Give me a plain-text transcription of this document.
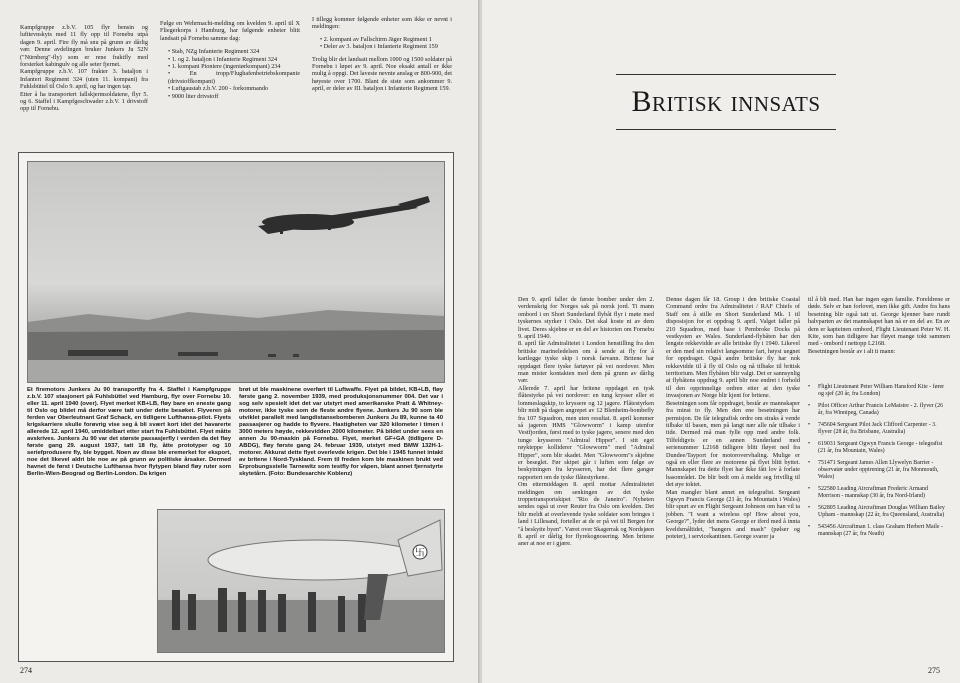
Kampfgruppe z.b.V. 105 flyr bensin og lufttevnskyts med 11 fly opp til Fornebu utpå dagen 9. april. Fire fly må snu på grunn av dårlig vær. Denne avdelingen bruker Junkers Ju 52N ("Nürnberg"-fly) som er rene fraktfly med forsterket kabingulv og alle seter fjernet.
Kampfgruppe z.b.V. 107 frakter 3. bataljon i Infanteri Regiment 324 (uten 11. kompani) fra Fuhlsbüttel til Oslo 9. april, og har ingen tap.
Etter å ha transportert fallskjermsoldatene, flyr 5. og 6. Staffel i Kampfgeschwader z.b.V. 1 drivstoff opp til Fornebu.

Følge en Wehrmacht-melding om kvelden 9. april til X Fliegerkorps i Hamburg, har følgende enheter blitt landsatt på Fornebu samme dag:

• Stab, NZg Infanterie Regiment 324
• 1. og 2. bataljon i Infanterie Regiment 324
• 1. kompani Pioniere (ingeniørkompani) 234
• En tropp/Flughafenbetriebskompanie (drivstoffkompani)
• Luftgaustab z.b.V. 200 - forkommando
• 9000 liter drivstoff

I tillegg kommer følgende enheter som ikke er nevnt i meldingen:

• 2. kompani av Fallschirm Jäger Regiment 1
• Deler av 3. bataljon i Infanterie Regiment 159

Trolig blir det landsatt mellom 1000 og 1500 soldater på Fornebu i løpet av 9. april. Noe eksakt antall er ikke mulig å oppgi. Det laveste nevnte anslag er 800-900, det høyeste over 1700. Blant de siste som ankommer 9. april, er deler av III. bataljon i Infanterie Regiment 159.

Et firemotors Junkers Ju 90 transportfly fra 4. Staffel i Kampfgruppe z.b.V. 107 stasjonert på Fuhlsbüttel ved Hamburg, flyr over Fornebu 10. eller 11. april 1940 (over). Flyet merket KB+LB, fløy bare en eneste gang til Oslo og blidet må derfor være tatt under dette besøket. Flyveren på ferden var Oberleutnant Graf Schack, en tidligere Lufthansa-pilot. Flyets krigskarriere skulle forøvrig vise seg å bli svært kort idet det havarerte allerede 12. april 1940, umiddelbart etter start fra Fuhlsbüttel. Flyet måtte avskrives. Junkers Ju 90 var det største passasjerfly i verden da det fløy første gang 29. august 1937, tatt 18 fly, åtte prototyper og 10 seriefprodusere fly, ble bygget. Noen av disse ble eremerket for eksport, noe det likevel aldri ble noe av på grunn av politiske årsaker. Dermed havnet de først i Deutsche Lufthansa hvor flytypen bland fløy ruter som Berlin-Wien-Beograd og Berlin-London. Da krigen
brøt ut ble maskinene overført til Luftwaffe. Flyet på bildet, KB+LB, fløy første gang 2. november 1939, med produksjonsnummer 004. Det var i sog selv spesielt idet det var utstyrt med amerikanske Pratt & Whitney-motorer, ikke tyske som de fleste andre flyene. Junkers Ju 90 som ble utviklet parallelt med langdistansebomberen Junkers Ju 89, kunne ta 40 passasjerer og hadde to flyvere. Hastigheten var 320 kilometer i timen i 3000 meters høyde, rekkevidden 2000 kilometer. På bildet under sees en annen Ju 90-maskin på Fornebu. Flyet, merket GF+GA (tidligere D-ABDG), fløy første gang 24. februar 1939, utstyrt med BMW 132H-1-motorer. Akkurat dette flyet overlevde krigen. Det ble i 1945 funnet intakt av britene i Nord-Tyskland. Frem til freden kom ble maskinen brukt ved Erprobungsstelle Tarnewitz som testfly for våpen, blant annet fjernstyrte skytetårn. (Foto: Bundesarchiv Koblenz)
卐
274
Britisk innsats

Den 9. april faller de første bomber under den 2. verdenskrig for Norges sak på norsk jord. Ti mann ombord i en Short Sunderland flybåt flyr i møte med tyskernes styrker i Oslo. Det skal koste ni av dem livet. Deres skjebne er en del av historien om Fornebu 9. april 1940.
8. april får Admiralitetet i London henstilling fra den britiske marineledelsen om å sende at fly for å kartlegge tyske skip i norsk farvann. Britene har oppdaget flere tyske fartøyer på vei nordover. Men man mister kontakten med dem på grunn av dårlig vær.
Allerede 7. april har britene oppdaget en tysk flåtestyrke på vei nordover: en tung krysser eller et lommeslagskip, to kryssere og 12 jagere. Flåtestyrken blir midt på dagen angrepet av 12 Blenheim-bombefly fra 107 Squadron, men uten resultat. 8. april kommer så jageren HMS "Glowworm" i kamp utenfor Vestfjorden, først med to tyske jagere, senere med den tunge krysseren "Admiral Hipper". I sitt eget røykteppe kolliderer "Glowworm" med "Admiral Hipper", som blir skadet. Men "Glowworm"s skjebne er beseglet. Før skipet går i luften som følge av beskytningen fra krysseren, har det flere ganger rapportert om de tyske flåtestyrkene.
Om ettermiddagen 8. april mottar Admiralitetet meldingen om senkingen av det tyske troppetransportskipet "Rio de Janeiro". Nyheten sendes også ut over Reuter fra Oslo om kvelden. Det blir meldt at overlevende tyske soldater som bringes i land i Lillesand, forteller at de er på vei til Bergen for "å beskytte byen". Været over Skagerrak og Nordsjøen 8. april er dårlig for flyrekognosering. Men britene aner at noe er i gjære.

Denne dagen får 18. Group i den britiske Coastal Command ordre fra Admiralitetet / RAF Chiefs of Staff om å stille en Short Sunderland Mk. 1 til disposisjon for et oppdrag 9. april. Valget faller på 210 Squadron, med base i Pembroke Docks på vestkysten av Wales. Sunderland-flybåten har den lengste rekkevidde av alle britiske fly i 1940. Likevel er den med sin relativt langsomme fart, høyst uegnet for oppdraget. Også andre britiske fly har nok rekkevidde til å fly til Oslo og nå tilbake til britisk territorium. Men flybåten blir valgt. Det er sannsynlig at flybåtens oppdrag 9. april blir noe endret i forhold til den opprinnelige ordren etter at den tyske invasjonen av Norge blir kjent for britene.
Besetningen som får oppdraget, består av mannskaper fra minst to fly. Men den ene besetningen har permisjon. De får telegrafisk ordre om straks å vende tilbake til basen, men på langt nær alle når tilbake i tide. Dermed må man fylle opp med andre folk. Tilfeldigvis er en annen Sunderland med serienummer L2168 tidligere blitt fløyet ned fra Dundee/Tayport for motorovervhaling. Mulige er også en eller flere av motorene på flyet blitt byttet. Mannskapet fra dette flyet har ikke fått lov å forlate basområdet. De blir bedt om å melde seg frivillig til det øye toktet.
Man mangler blant annet en telegrafist. Sergeant Ogwyn Francis George (21 år, fra Mountain i Wales) blir spurt av en Flight Sergeant Johnson om han vil ta jobben. "I want a wireless op! How about you, George?", lyder det mens George er iferd med å innta kveldsmåltidet, "bangers and mash" (pølser og poteter), i servicekantinen. George svarer ja

til å bli med. Han har ingen egen familie. Foreldrene er døde. Selv er han forlovet, men ikke gift. Andre fra hans besetning blir også tatt ut. George kjenner bare rundt halvparten av det mannskapet han nå er en del av. En av dem er kapteinen ombord, Flight Lieutenant Peter W. H. Kite, som han tidligere har fløyet mange tokt sammen med - ombord i nettopp L2168.
Besetningen består av i alt ti mann:

•	Flight Lieutenant Peter William Hansford Kite - fører og sjef (20 år, fra London)
•	Pilot Officer Arthur Francis LeMaistre - 2. flyver (26 år, fra Winnipeg, Canada)
•	745604 Sergeant Pilot Jack Clifford Carpenter - 3. flyver (28 år, fra Brisbane, Australia)
•	619031 Sergeant Ogwyn Francis George - telegrafist (21 år, fra Mountain, Wales)
•	751471 Sergeant James Allen Llywelyn Barrier - observatør under opptrening (21 år, fra Monmouth, Wales)
•	522580 Leading Aircraftman Frederic Armand Morrison - mannskap (30 år, fra Nord-Irland)
•	562805 Leading Aircraftman Douglas William Bailey Upham - mannskap (22 år, fra Queensland, Australia)
•	543456 Aircraftman 1. class Graham Herbert Maile - mannskap (27 år, fra Neath)
275
